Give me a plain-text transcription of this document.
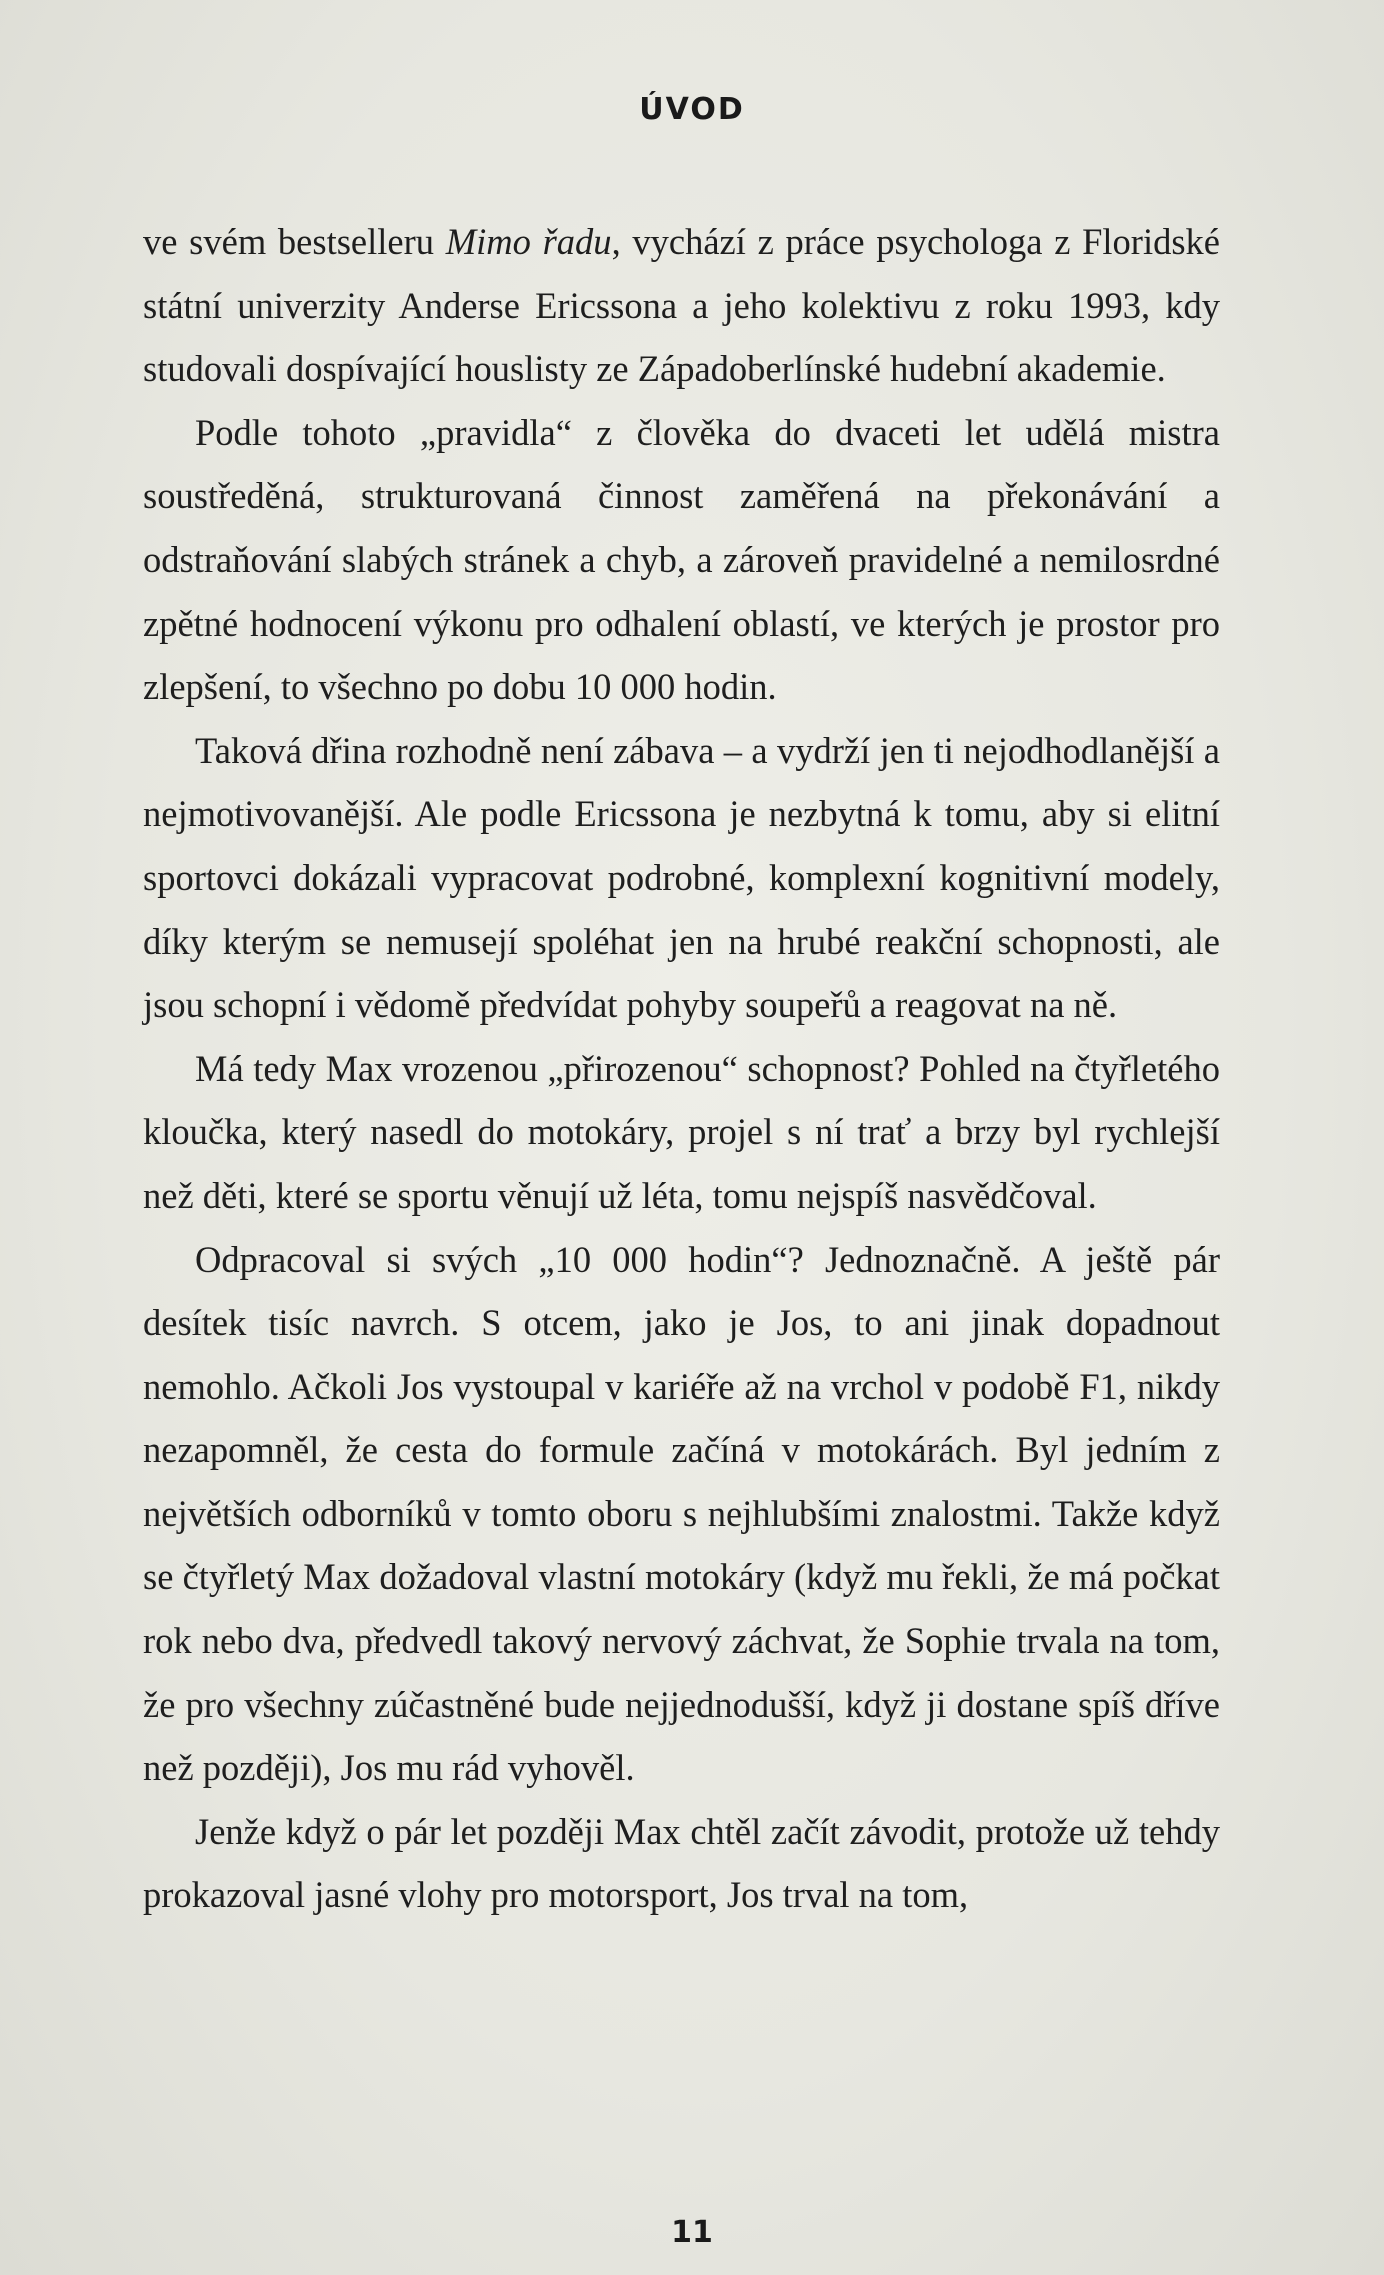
ÚVOD

ve svém bestselleru Mimo řadu, vychází z práce psychologa z Floridské státní univerzity Anderse Ericssona a jeho kolektivu z roku 1993, kdy studovali dospívající houslisty ze Západoberlínské hudební akademie.

Podle tohoto „pravidla“ z člověka do dvaceti let udělá mistra soustředěná, strukturovaná činnost zaměřená na překonávání a odstraňování slabých stránek a chyb, a zároveň pravidelné a nemilosrdné zpětné hodnocení výkonu pro odhalení oblastí, ve kterých je prostor pro zlepšení, to všechno po dobu 10 000 hodin.

Taková dřina rozhodně není zábava – a vydrží jen ti nejodhodlanější a nejmotivovanější. Ale podle Ericssona je nezbytná k tomu, aby si elitní sportovci dokázali vypracovat podrobné, komplexní kognitivní modely, díky kterým se nemusejí spoléhat jen na hrubé reakční schopnosti, ale jsou schopní i vědomě předvídat pohyby soupeřů a reagovat na ně.

Má tedy Max vrozenou „přirozenou“ schopnost? Pohled na čtyřletého kloučka, který nasedl do motokáry, projel s ní trať a brzy byl rychlejší než děti, které se sportu věnují už léta, tomu nejspíš nasvědčoval.

Odpracoval si svých „10 000 hodin“? Jednoznačně. A ještě pár desítek tisíc navrch. S otcem, jako je Jos, to ani jinak dopadnout nemohlo. Ačkoli Jos vystoupal v kariéře až na vrchol v podobě F1, nikdy nezapomněl, že cesta do formule začíná v motokárách. Byl jedním z největších odborníků v tomto oboru s nejhlubšími znalostmi. Takže když se čtyřletý Max dožadoval vlastní motokáry (když mu řekli, že má počkat rok nebo dva, předvedl takový nervový záchvat, že Sophie trvala na tom, že pro všechny zúčastněné bude nejjednodušší, když ji dostane spíš dříve než později), Jos mu rád vyhověl.

Jenže když o pár let později Max chtěl začít závodit, protože už tehdy prokazoval jasné vlohy pro motorsport, Jos trval na tom,

11
